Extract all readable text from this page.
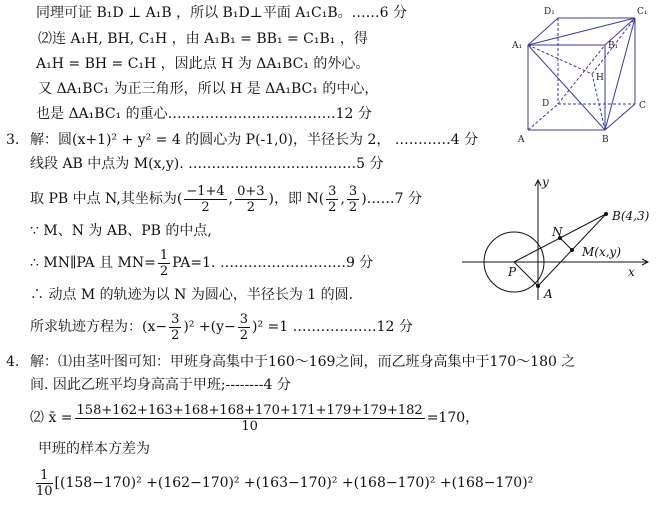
同理可证 B₁D ⊥ A₁B ，所以 B₁D⊥平面 A₁C₁B。……6 分
⑵连 A₁H, BH, C₁H ，由 A₁B₁ = BB₁ = C₁B₁ ，得
A₁H = BH = C₁H ，因此点 H 为 ΔA₁BC₁ 的外心。
又 ΔA₁BC₁ 为正三角形，所以 H 是 ΔA₁BC₁ 的中心，
也是 ΔA₁BC₁ 的重心………………………………12 分
D₁	C₁
A₁	B₁
H
D	C
A	B
3. 解：圆(x+1)² + y² = 4 的圆心为 P(-1,0)，半径长为 2， …………4 分
线段 AB 中点为 M(x,y). ………………………………5 分
取 PB 中点 N,其坐标为( $\frac{-1+4}{2}$ , $\frac{0+3}{2}$ )，即 $N( \frac{3}{2}$ , $\frac{3}{2}$ )……7 分
∵ M、N 为 AB、PB 的中点,
∴ MN∥PA 且 $MN= \frac{1}{2} PA=1$. ………………………9 分
∴ 动点 M 的轨迹为以 N 为圆心，半径长为 1 的圆.
所求轨迹方程为：$(x- \frac{3}{2} )^2 +(y- \frac{3}{2} )^2 =1$ ………………12 分
y
x
B(4,3)
N
M(x,y)
P
A
4. 解：⑴由茎叶图可知：甲班身高集中于160～169之间，而乙班身高集中于170～180 之
间. 因此乙班平均身高高于甲班;--------4 分
⑵ x̄ = $\frac{158+162+163+168+168+170+171+179+179+182}{10} =170$，
甲班的样本方差为
$\frac{1}{10} [(158-170)^2 +(162-170)^2 +(163-170)^2 +(168-170)^2 +(168-170)^2$
